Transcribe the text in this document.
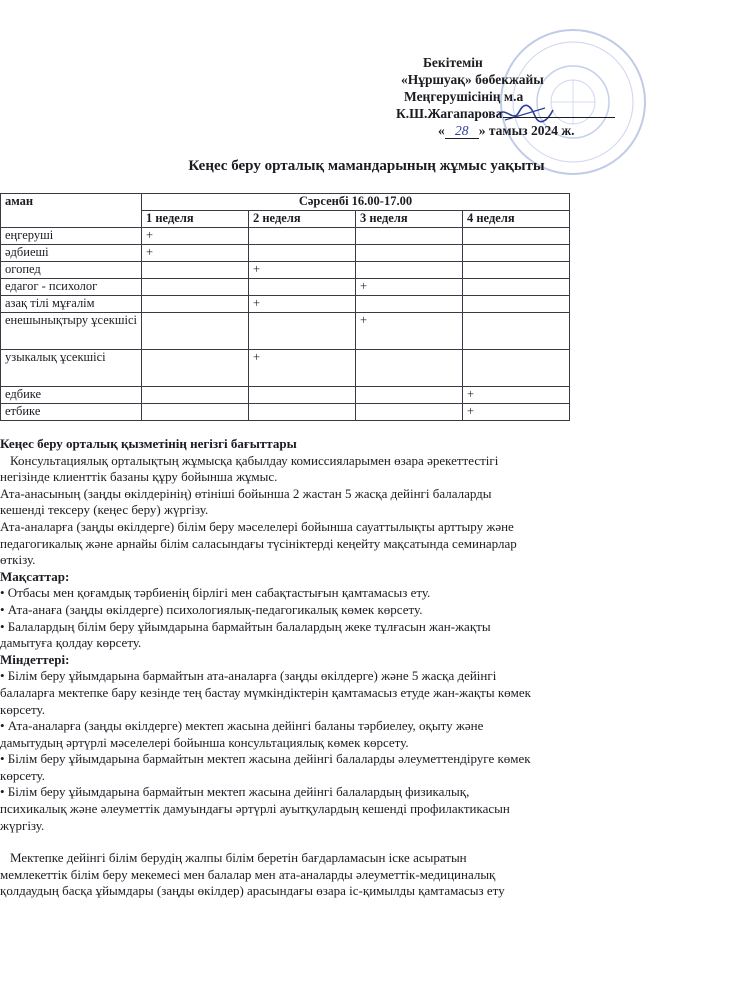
Бекітемін
«Нұршуақ» бөбекжайы
Меңгерушісінің м.а
К.Ш.Жагапарова
« 28 » тамыз 2024 ж.
Кеңес беру орталық мамандарының жұмыс уақыты
аман	Сәрсенбі 16.00-17.00			
	1 неделя	2 неделя	3 неделя	4 неделя
еңгеруші	+			
әдбиеші	+			
огопед		+		
едагог - психолог			+	
азақ тілі мұғалім		+		
енешынықтыру ұсекшісі			+	
узыкалық ұсекшісі		+		
едбике				+
етбике				+

Кеңес беру орталық қызметінің негізгі бағыттары

Консультациялық орталықтың жұмысқа қабылдау комиссияларымен өзара әрекеттестігі

негізінде клиенттік базаны құру бойынша жұмыс.

Ата-анасының (заңды өкілдерінің) өтініші бойынша 2 жастан 5 жасқа дейінгі балаларды

кешенді тексеру (кеңес беру) жүргізу.

Ата-аналарға (заңды өкілдерге) білім беру мәселелері бойынша сауаттылықты арттыру және

педагогикалық және арнайы білім саласындағы түсініктерді кеңейту мақсатында семинарлар

өткізу.

Мақсаттар:

• Отбасы мен қоғамдық тәрбиенің бірлігі мен сабақтастығын қамтамасыз ету.

• Ата-анаға (заңды өкілдерге) психологиялық-педагогикалық көмек көрсету.

• Балалардың білім беру ұйымдарына бармайтын балалардың жеке тұлғасын жан-жақты

дамытуға қолдау көрсету.

Міндеттері:

• Білім беру ұйымдарына бармайтын ата-аналарға (заңды өкілдерге) және 5 жасқа дейінгі

балаларға мектепке бару кезінде тең бастау мүмкіндіктерін қамтамасыз етуде жан-жақты көмек

көрсету.

• Ата-аналарға (заңды өкілдерге) мектеп жасына дейінгі баланы тәрбиелеу, оқыту және

дамытудың әртүрлі мәселелері бойынша консультациялық көмек көрсету.

• Білім беру ұйымдарына бармайтын мектеп жасына дейінгі балаларды әлеуметтендіруге көмек

көрсету.

• Білім беру ұйымдарына бармайтын мектеп жасына дейінгі балалардың физикалық,

психикалық және әлеуметтік дамуындағы әртүрлі ауытқулардың кешенді профилактикасын

жүргізу.

Мектепке дейінгі білім берудің жалпы білім беретін бағдарламасын іске асыратын

мемлекеттік білім беру мекемесі мен балалар мен ата-аналарды әлеуметтік-медициналық

қолдаудың басқа ұйымдары (заңды өкілдер) арасындағы өзара іс-қимылды қамтамасыз ету
